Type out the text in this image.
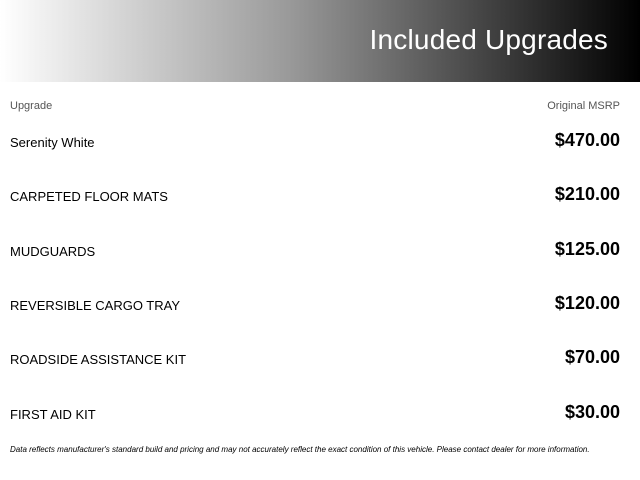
Included Upgrades
Upgrade	Original MSRP
Serenity White	$470.00
CARPETED FLOOR MATS	$210.00
MUDGUARDS	$125.00
REVERSIBLE CARGO TRAY	$120.00
ROADSIDE ASSISTANCE KIT	$70.00
FIRST AID KIT	$30.00
Data reflects manufacturer's standard build and pricing and may not accurately reflect the exact condition of this vehicle. Please contact dealer for more information.
